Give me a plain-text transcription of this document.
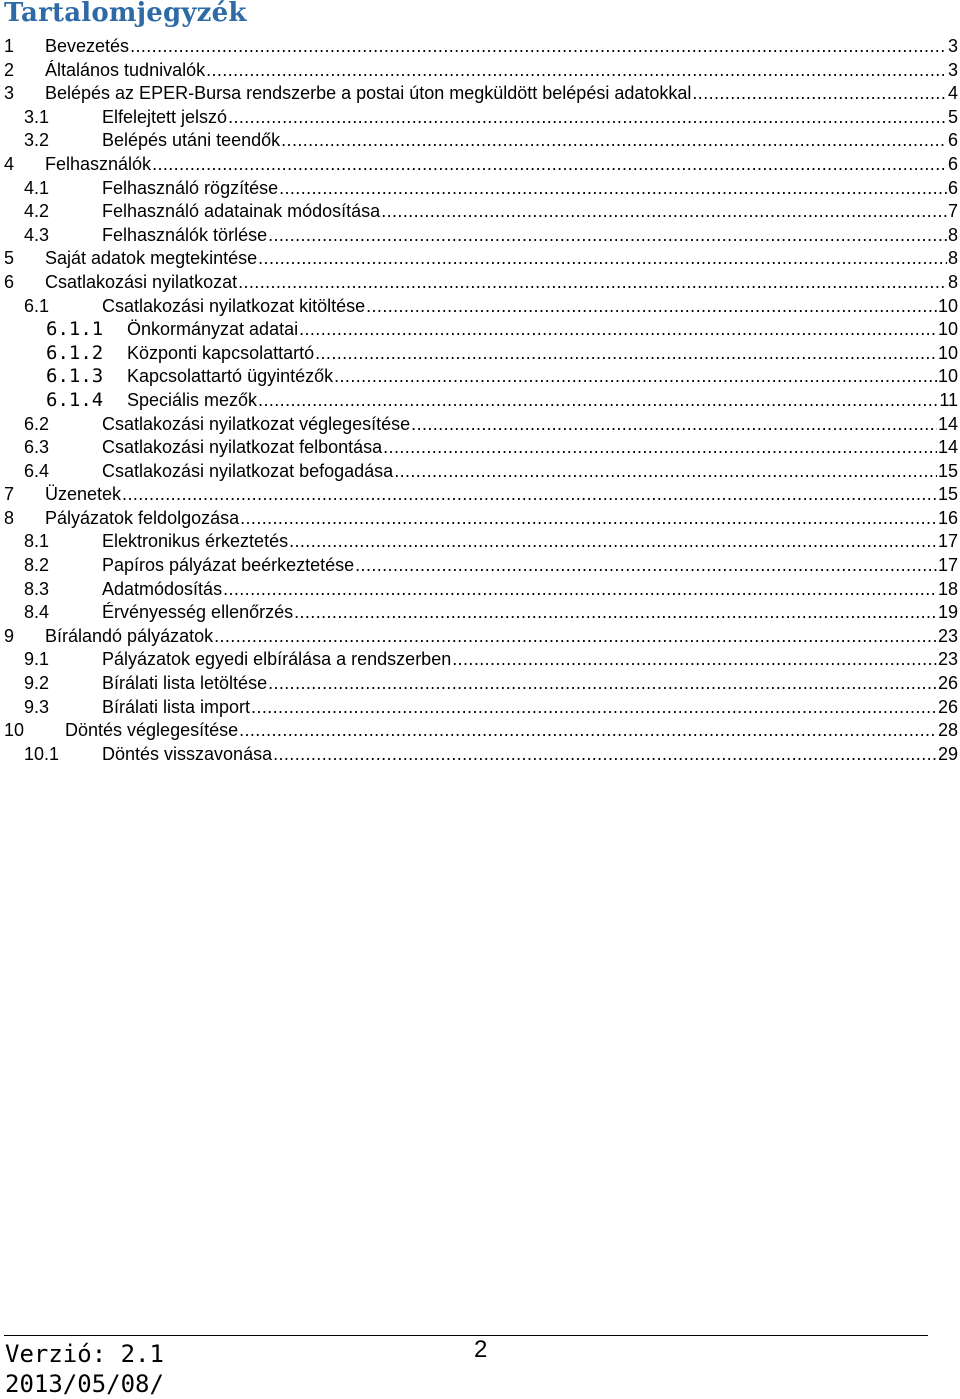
Tartalomjegyzék
1 Bevezetés .....	3
2 Általános tudnivalók .....	3
3 Belépés az EPER-Bursa rendszerbe a postai úton megküldött belépési adatokkal .....	4
3.1	Elfelejtett jelszó .....	5
3.2	Belépés utáni teendők .....	6
4 Felhasználók .....	6
4.1	Felhasználó rögzítése .....	6
4.2	Felhasználó adatainak módosítása .....	7
4.3	Felhasználók törlése .....	8
5 Saját adatok megtekintése .....	8
6 Csatlakozási nyilatkozat .....	8
6.1	Csatlakozási nyilatkozat kitöltése .....	10
6.1.1 Önkormányzat adatai .....	10
6.1.2 Központi kapcsolattartó .....	10
6.1.3 Kapcsolattartó ügyintézők .....	10
6.1.4 Speciális mezők .....	11
6.2	Csatlakozási nyilatkozat véglegesítése .....	14
6.3	Csatlakozási nyilatkozat felbontása .....	14
6.4	Csatlakozási nyilatkozat befogadása .....	15
7 Üzenetek .....	15
8 Pályázatok feldolgozása .....	16
8.1	Elektronikus érkeztetés .....	17
8.2	Papíros pályázat beérkeztetése .....	17
8.3	Adatmódosítás .....	18
8.4	Érvényesség ellenőrzés .....	19
9 Bírálandó pályázatok .....	23
9.1	Pályázatok egyedi elbírálása a rendszerben .....	23
9.2	Bírálati lista letöltése .....	26
9.3	Bírálati lista import .....	26
10 Döntés véglegesítése .....	28
10.1 Döntés visszavonása .....	29
Verzió: 2.1
2013/05/08/
2
